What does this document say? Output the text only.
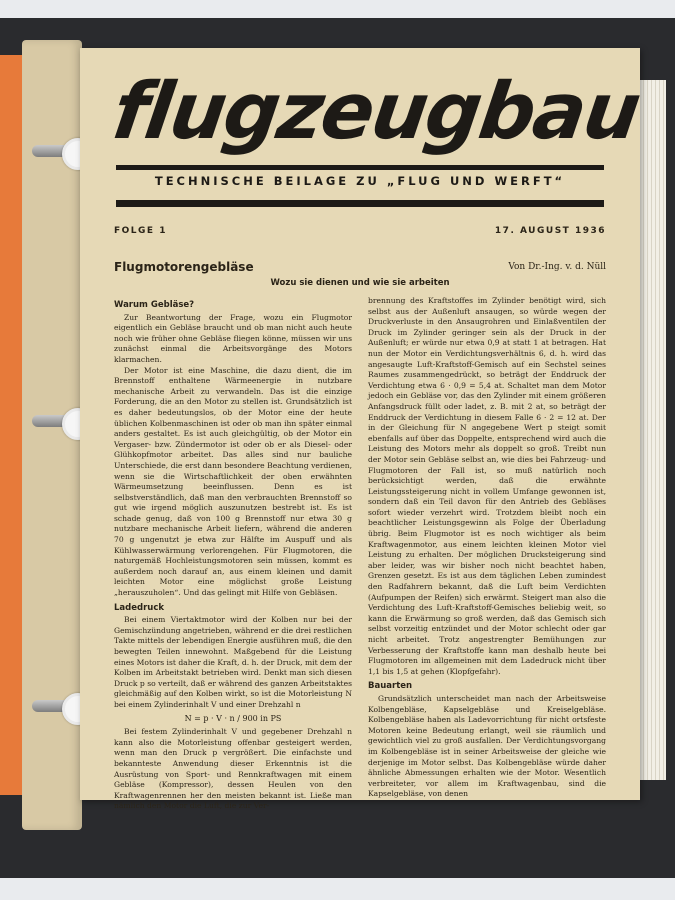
flugzeugbau
TECHNISCHE BEILAGE ZU „FLUG UND WERFT“
FOLGE 1	17. AUGUST 1936
Flugmotorengebläse	Von Dr.-Ing. v. d. Nüll
Wozu sie dienen und wie sie arbeiten

Warum Gebläse?

Zur Beantwortung der Frage, wozu ein Flugmotor eigentlich ein Gebläse braucht und ob man nicht auch heute noch wie früher ohne Gebläse fliegen könne, müssen wir uns zunächst einmal die Arbeitsvorgänge des Motors klarmachen.

Der Motor ist eine Maschine, die dazu dient, die im Brennstoff enthaltene Wärmeenergie in nutzbare mechanische Arbeit zu verwandeln. Das ist die einzige Forderung, die an den Motor zu stellen ist. Grundsätzlich ist es daher bedeutungslos, ob der Motor eine der heute üblichen Kolbenmaschinen ist oder ob man ihn später einmal anders gestaltet. Es ist auch gleichgültig, ob der Motor ein Vergaser- bzw. Zündermotor ist oder ob er als Diesel- oder Glühkopfmotor arbeitet. Das alles sind nur bauliche Unterschiede, die erst dann besondere Beachtung verdienen, wenn sie die Wirtschaftlichkeit der oben erwähnten Wärmeumsetzung beeinflussen. Denn es ist selbstverständlich, daß man den verbrauchten Brennstoff so gut wie irgend möglich auszunutzen bestrebt ist. Es ist schade genug, daß von 100 g Brennstoff nur etwa 30 g nutzbare mechanische Arbeit liefern, während die anderen 70 g ungenutzt je etwa zur Hälfte im Auspuff und als Kühlwasserwärmung verlorengehen. Für Flugmotoren, die naturgemäß Hochleistungsmotoren sein müssen, kommt es außerdem noch darauf an, aus einem kleinen und damit leichten Motor eine möglichst große Leistung „herauszuholen“. Und das gelingt mit Hilfe von Gebläsen.

Ladedruck

Bei einem Viertaktmotor wird der Kolben nur bei der Gemischzündung angetrieben, während er die drei restlichen Takte mittels der lebendigen Energie ausführen muß, die den bewegten Teilen innewohnt. Maßgebend für die Leistung eines Motors ist daher die Kraft, d. h. der Druck, mit dem der Kolben im Arbeitstakt betrieben wird. Denkt man sich diesen Druck p so verteilt, daß er während des ganzen Arbeitstaktes gleichmäßig auf den Kolben wirkt, so ist die Motorleistung N bei einem Zylinderinhalt V und einer Drehzahl n

N = p · V · n / 900 in PS

Bei festem Zylinderinhalt V und gegebener Drehzahl n kann also die Motorleistung offenbar gesteigert werden, wenn man den Druck p vergrößert. Die einfachste und bekannteste Anwendung dieser Erkenntnis ist die Ausrüstung von Sport- und Rennkraftwagen mit einem Gebläse (Kompressor), dessen Heulen von den Kraftwagenrennen her den meisten bekannt ist. Ließe man nämlich den Motor die Luft, die zur Ver-

brennung des Kraftstoffes im Zylinder benötigt wird, sich selbst aus der Außenluft ansaugen, so würde wegen der Druckverluste in den Ansaugrohren und Einlaßventilen der Druck im Zylinder geringer sein als der Druck in der Außenluft; er würde nur etwa 0,9 at statt 1 at betragen. Hat nun der Motor ein Verdichtungsverhältnis 6, d. h. wird das angesaugte Luft-Kraftstoff-Gemisch auf ein Sechstel seines Raumes zusammengedrückt, so beträgt der Enddruck der Verdichtung etwa 6 · 0,9 = 5,4 at. Schaltet man dem Motor jedoch ein Gebläse vor, das den Zylinder mit einem größeren Anfangsdruck füllt oder ladet, z. B. mit 2 at, so beträgt der Enddruck der Verdichtung in diesem Falle 6 · 2 = 12 at. Der in der Gleichung für N angegebene Wert p steigt somit ebenfalls auf über das Doppelte, entsprechend wird auch die Leistung des Motors mehr als doppelt so groß. Treibt nun der Motor sein Gebläse selbst an, wie dies bei Fahrzeug- und Flugmotoren der Fall ist, so muß natürlich noch berücksichtigt werden, daß die erwähnte Leistungssteigerung nicht in vollem Umfange gewonnen ist, sondern daß ein Teil davon für den Antrieb des Gebläses sofort wieder verzehrt wird. Trotzdem bleibt noch ein beachtlicher Leistungsgewinn als Folge der Überladung übrig. Beim Flugmotor ist es noch wichtiger als beim Kraftwagenmotor, aus einem leichten kleinen Motor viel Leistung zu erhalten. Der möglichen Drucksteigerung sind aber leider, was wir bisher noch nicht beachtet haben, Grenzen gesetzt. Es ist aus dem täglichen Leben zumindest den Radfahrern bekannt, daß die Luft beim Verdichten (Aufpumpen der Reifen) sich erwärmt. Steigert man also die Verdichtung des Luft-Kraftstoff-Gemisches beliebig weit, so kann die Erwärmung so groß werden, daß das Gemisch sich selbst vorzeitig entzündet und der Motor schlecht oder gar nicht arbeitet. Trotz angestrengter Bemühungen zur Verbesserung der Kraftstoffe kann man deshalb heute bei Flugmotoren im allgemeinen mit dem Ladedruck nicht über 1,1 bis 1,5 at gehen (Klopfgefahr).

Bauarten

Grundsätzlich unterscheidet man nach der Arbeitsweise Kolbengebläse, Kapselgebläse und Kreiselgebläse. Kolbengebläse haben als Ladevorrichtung für nicht ortsfeste Motoren keine Bedeutung erlangt, weil sie räumlich und gewichtlich viel zu groß ausfallen. Der Verdichtungsvorgang im Kolbengebläse ist in seiner Arbeitsweise der gleiche wie derjenige im Motor selbst. Das Kolbengebläse würde daher ähnliche Abmessungen erhalten wie der Motor. Wesentlich verbreiteter, vor allem im Kraftwagenbau, sind die Kapselgebläse, von denen
